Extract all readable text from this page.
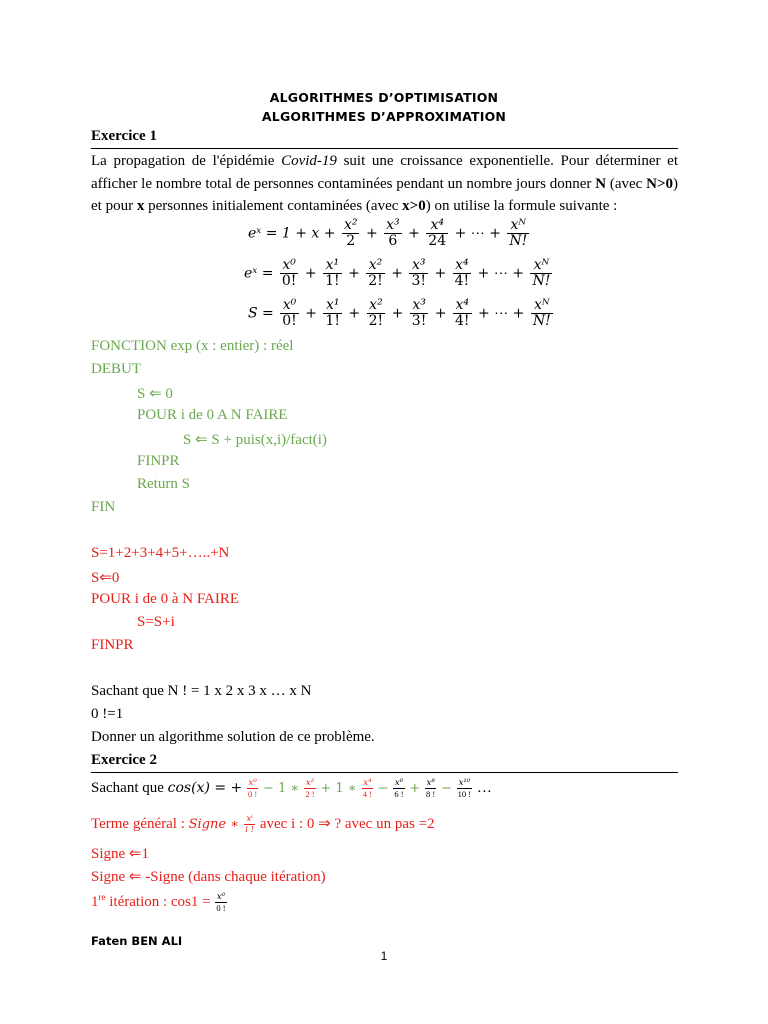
ALGORITHMES D’OPTIMISATION
ALGORITHMES D’APPROXIMATION
Exercice 1
La propagation de l'épidémie Covid-19 suit une croissance exponentielle. Pour déterminer et afficher le nombre total de personnes contaminées pendant un nombre jours donner N (avec N>0) et pour x personnes initialement contaminées (avec x>0) on utilise la formule suivante :
eˣ = $1 + x + \frac{\text{x²}}{2} + \frac{\text{x³}}{6} + \frac{\text{x⁴}}{24}$ + ⋯ + $\frac{\text{xᴺ}}{N!}$
eˣ = $\frac{\text{x⁰}}{0!} + \frac{\text{x¹}}{1!} + \frac{\text{x²}}{2!} + \frac{\text{x³}}{3!} + \frac{\text{x⁴}}{4!}$ + ⋯ + $\frac{\text{xᴺ}}{N!}$
$S = \frac{\text{x⁰}}{0!} + \frac{\text{x¹}}{1!} + \frac{\text{x²}}{2!} + \frac{\text{x³}}{3!} + \frac{\text{x⁴}}{4!}$ + ⋯ + $\frac{\text{xᴺ}}{N!}$
FONCTION exp (x : entier) : réel
DEBUT
S ⇐ 0
POUR i de 0 A N FAIRE
S ⇐ S + puis(x,i)/fact(i)
FINPR
Return S
FIN
S=1+2+3+4+5+…..+N
S⇐0
POUR i de 0 à N FAIRE
S=S+i
FINPR
Sachant que N ! = 1 x 2 x 3 x … x N
0 !=1
Donner un algorithme solution de ce problème.
Exercice 2
Sachant que cos(x) = + $\frac{\text{x⁰}}{0 !} - 1$ ∗ $\frac{\text{x²}}{2 !} + 1$ ∗ $\frac{\text{x⁴}}{4 !} - \frac{\text{x⁶}}{6 !} + \frac{\text{x⁸}}{8 !} - \frac{\text{x¹⁰}}{10 !}$ …
Terme général : Signe ∗ $\frac{\text{xⁱ}}{i !}$ avec i : 0 ⇒ ? avec un pas =2
Signe ⇐1
Signe ⇐ -Signe (dans chaque itération)
1re itération : $\cos 1 = \frac{\text{x⁰}}{0 !}$
Faten BEN ALI
1
